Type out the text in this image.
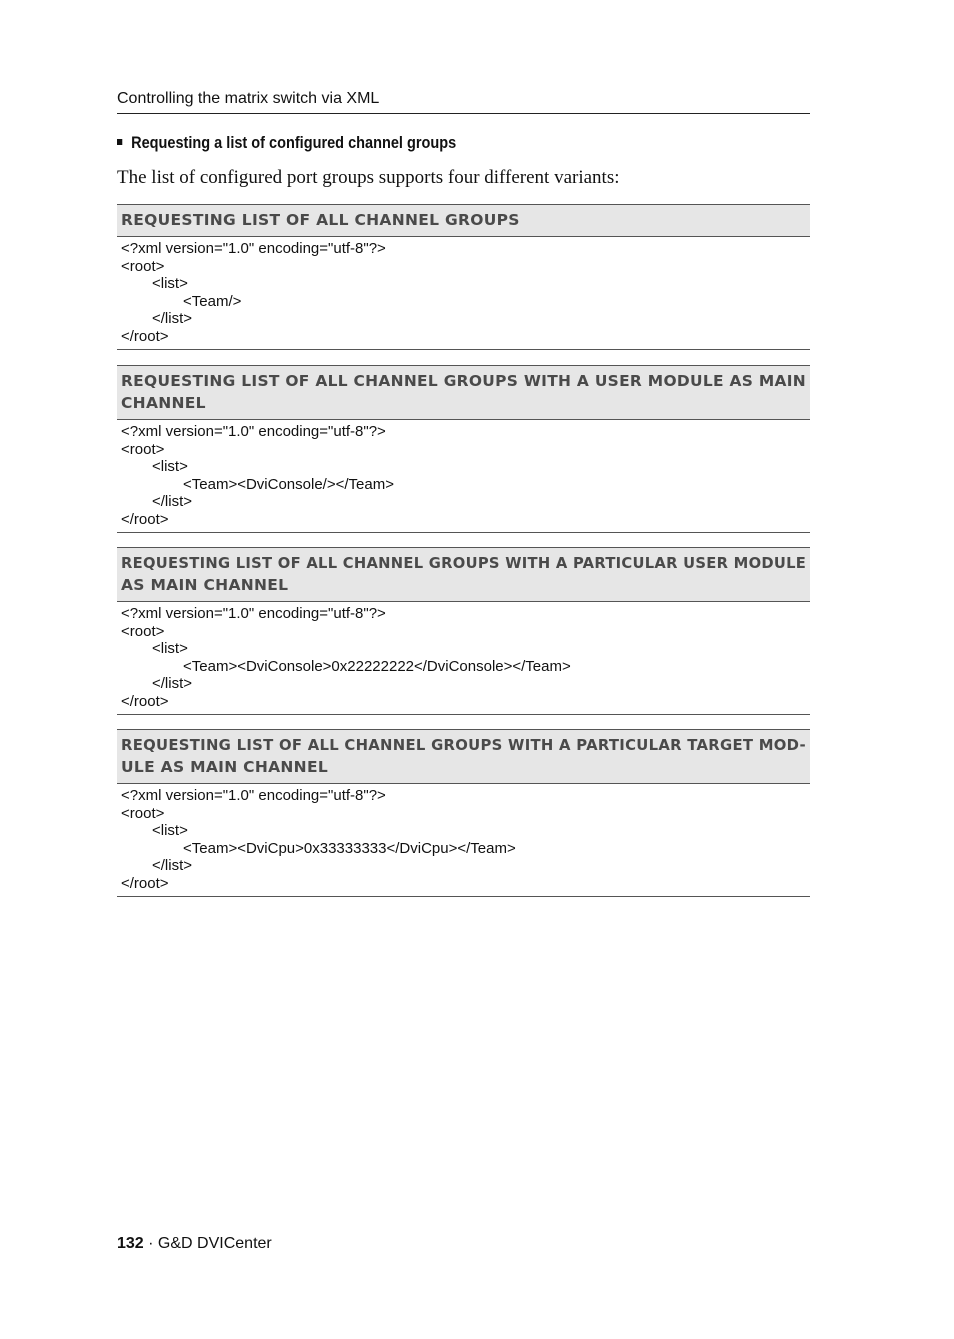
Controlling the matrix switch via XML
Requesting a list of configured channel groups
The list of configured port groups supports four different variants:
REQUESTING LIST OF ALL CHANNEL GROUPS
<?xml version="1.0" encoding="utf-8"?>
<root>
<list>
<Team/>
</list>
</root>
REQUESTING LIST OF ALL CHANNEL GROUPS WITH A USER MODULE AS MAIN
CHANNEL
<?xml version="1.0" encoding="utf-8"?>
<root>
<list>
<Team><DviConsole/></Team>
</list>
</root>
REQUESTING LIST OF ALL CHANNEL GROUPS WITH A PARTICULAR USER MODULE
AS MAIN CHANNEL
<?xml version="1.0" encoding="utf-8"?>
<root>
<list>
<Team><DviConsole>0x22222222</DviConsole></Team>
</list>
</root>
REQUESTING LIST OF ALL CHANNEL GROUPS WITH A PARTICULAR TARGET MOD-
ULE AS MAIN CHANNEL
<?xml version="1.0" encoding="utf-8"?>
<root>
<list>
<Team><DviCpu>0x33333333</DviCpu></Team>
</list>
</root>
132 · G&D DVICenter
